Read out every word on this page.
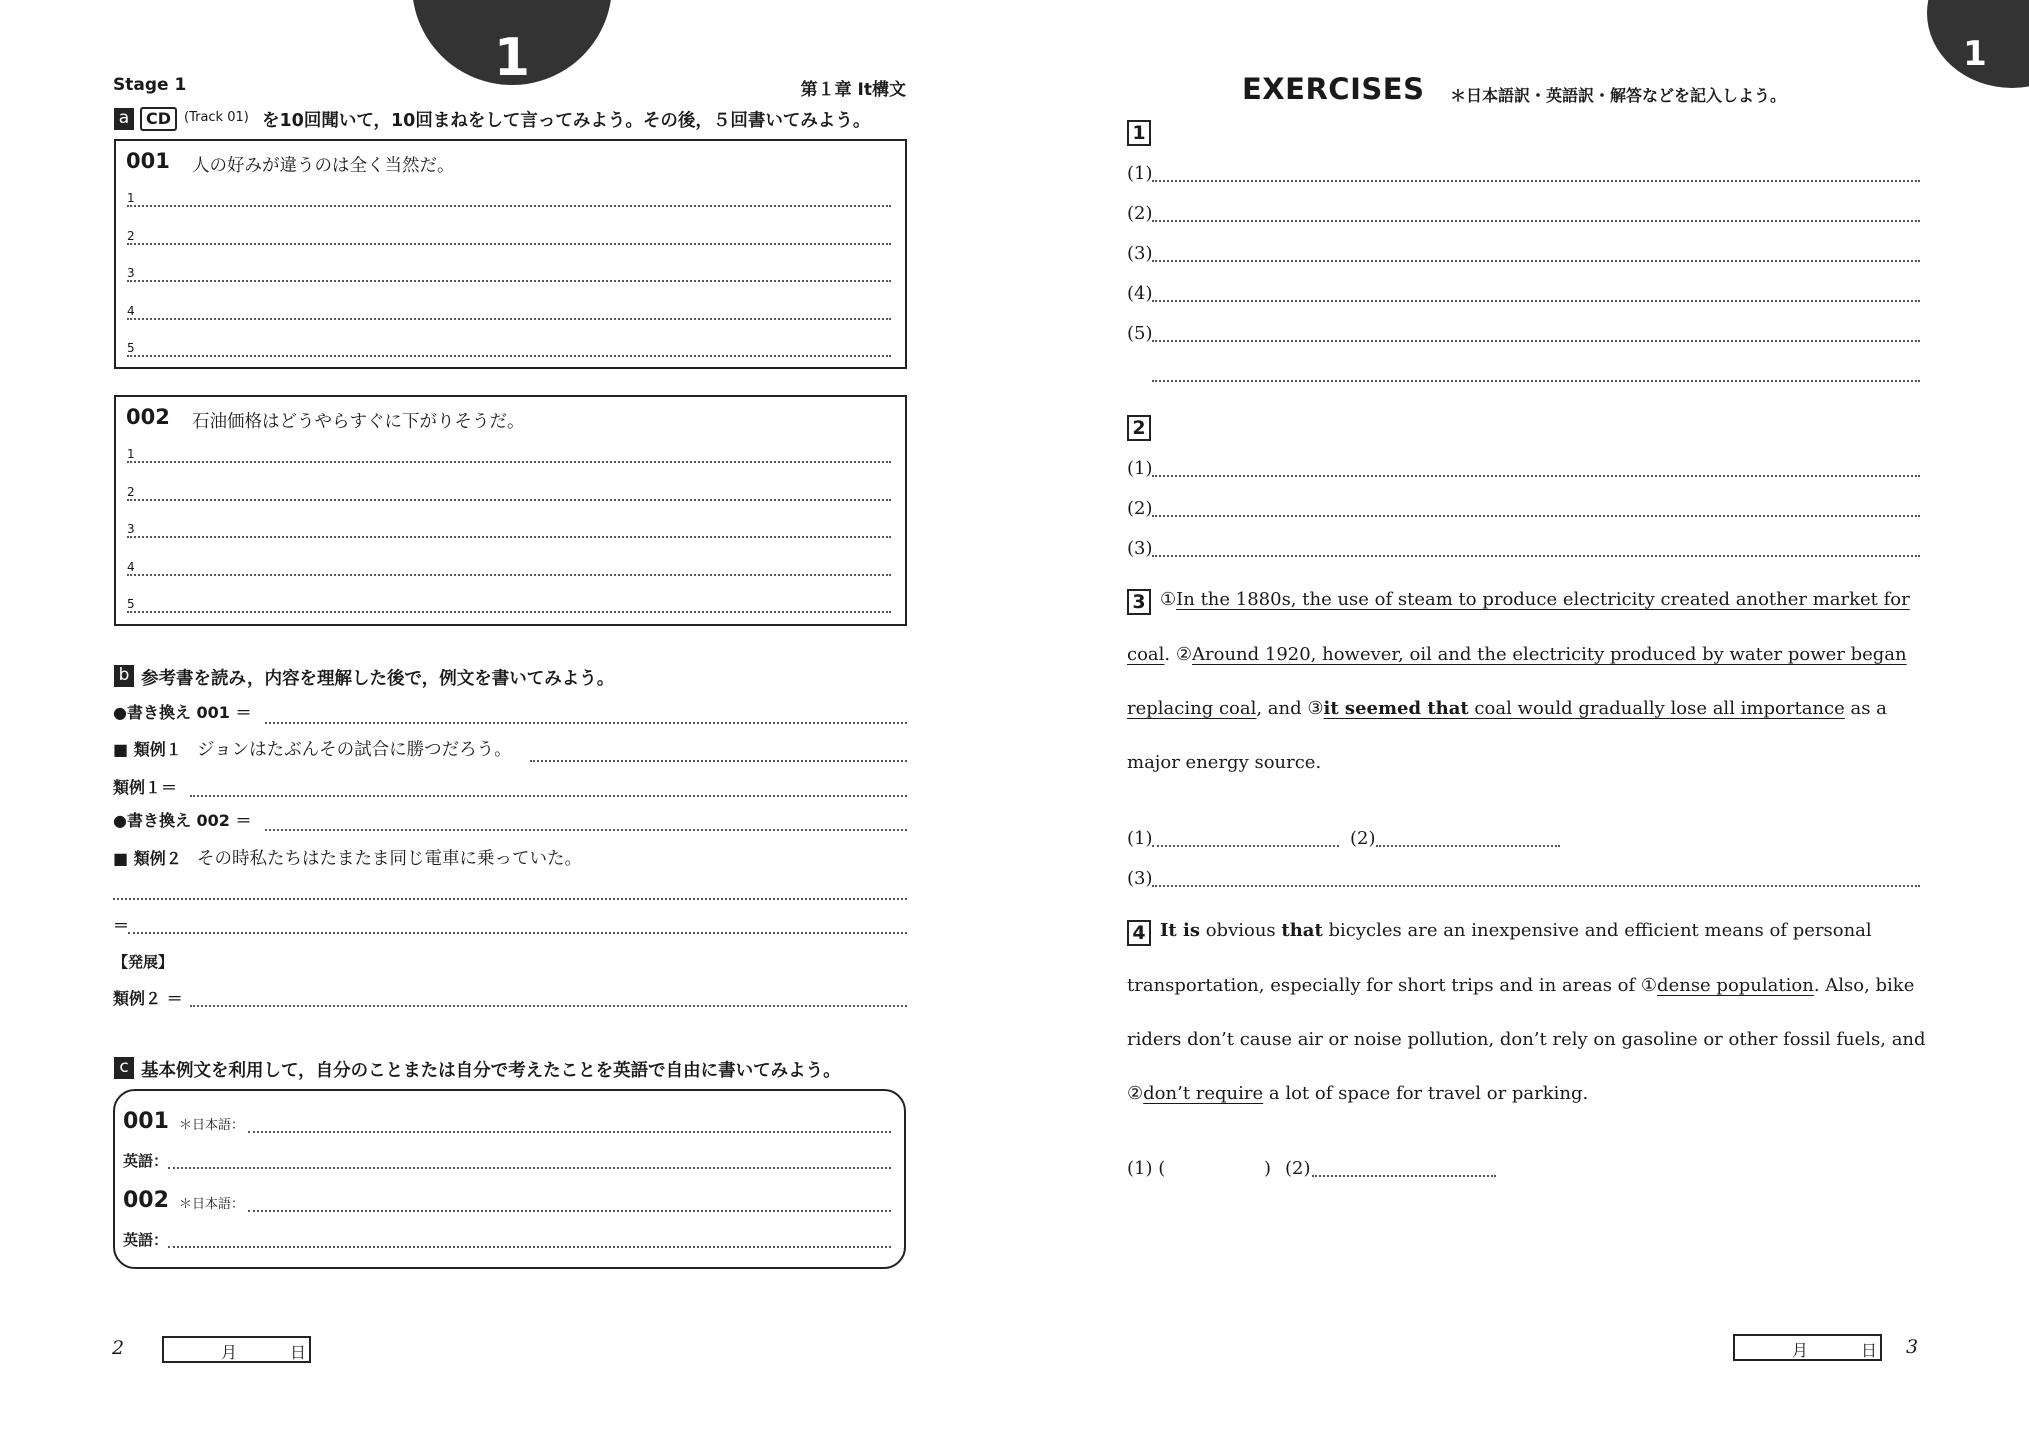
1
Stage 1	第１章 It構文
a	CD (Track 01) を10回聞いて，10回まねをして言ってみよう。その後，５回書いてみよう。
001 人の好みが違うのは全く当然だ。
1
2
3
4
5
002 石油価格はどうやらすぐに下がりそうだ。
1
2
3
4
5
b 参考書を読み，内容を理解した後で，例文を書いてみよう。
●書き換え 001 ＝
■ 類例１ ジョンはたぶんその試合に勝つだろう。
類例１＝
●書き換え 002 ＝
■ 類例２ その時私たちはたまたま同じ電車に乗っていた。
＝
【発展】
類例２ ＝
c 基本例文を利用して，自分のことまたは自分で考えたことを英語で自由に書いてみよう。
001 ＊日本語：
英語：
002 ＊日本語：
英語：
2	月	日
1
EXERCISES ＊日本語訳・英語訳・解答などを記入しよう。
1
(1)
(2)
(3)
(4)
(5)
2
(1)
(2)
(3)
3 ①In the 1880s, the use of steam to produce electricity created another market for
coal. ②Around 1920, however, oil and the electricity produced by water power began
replacing coal, and ③it seemed that coal would gradually lose all importance as a
major energy source.
(1)	(2)
(3)
4 It is obvious that bicycles are an inexpensive and efficient means of personal
transportation, especially for short trips and in areas of ①dense population. Also, bike
riders don’t cause air or noise pollution, don’t rely on gasoline or other fossil fuels, and
②don’t require a lot of space for travel or parking.
(1) (	) (2)
月	日 3
